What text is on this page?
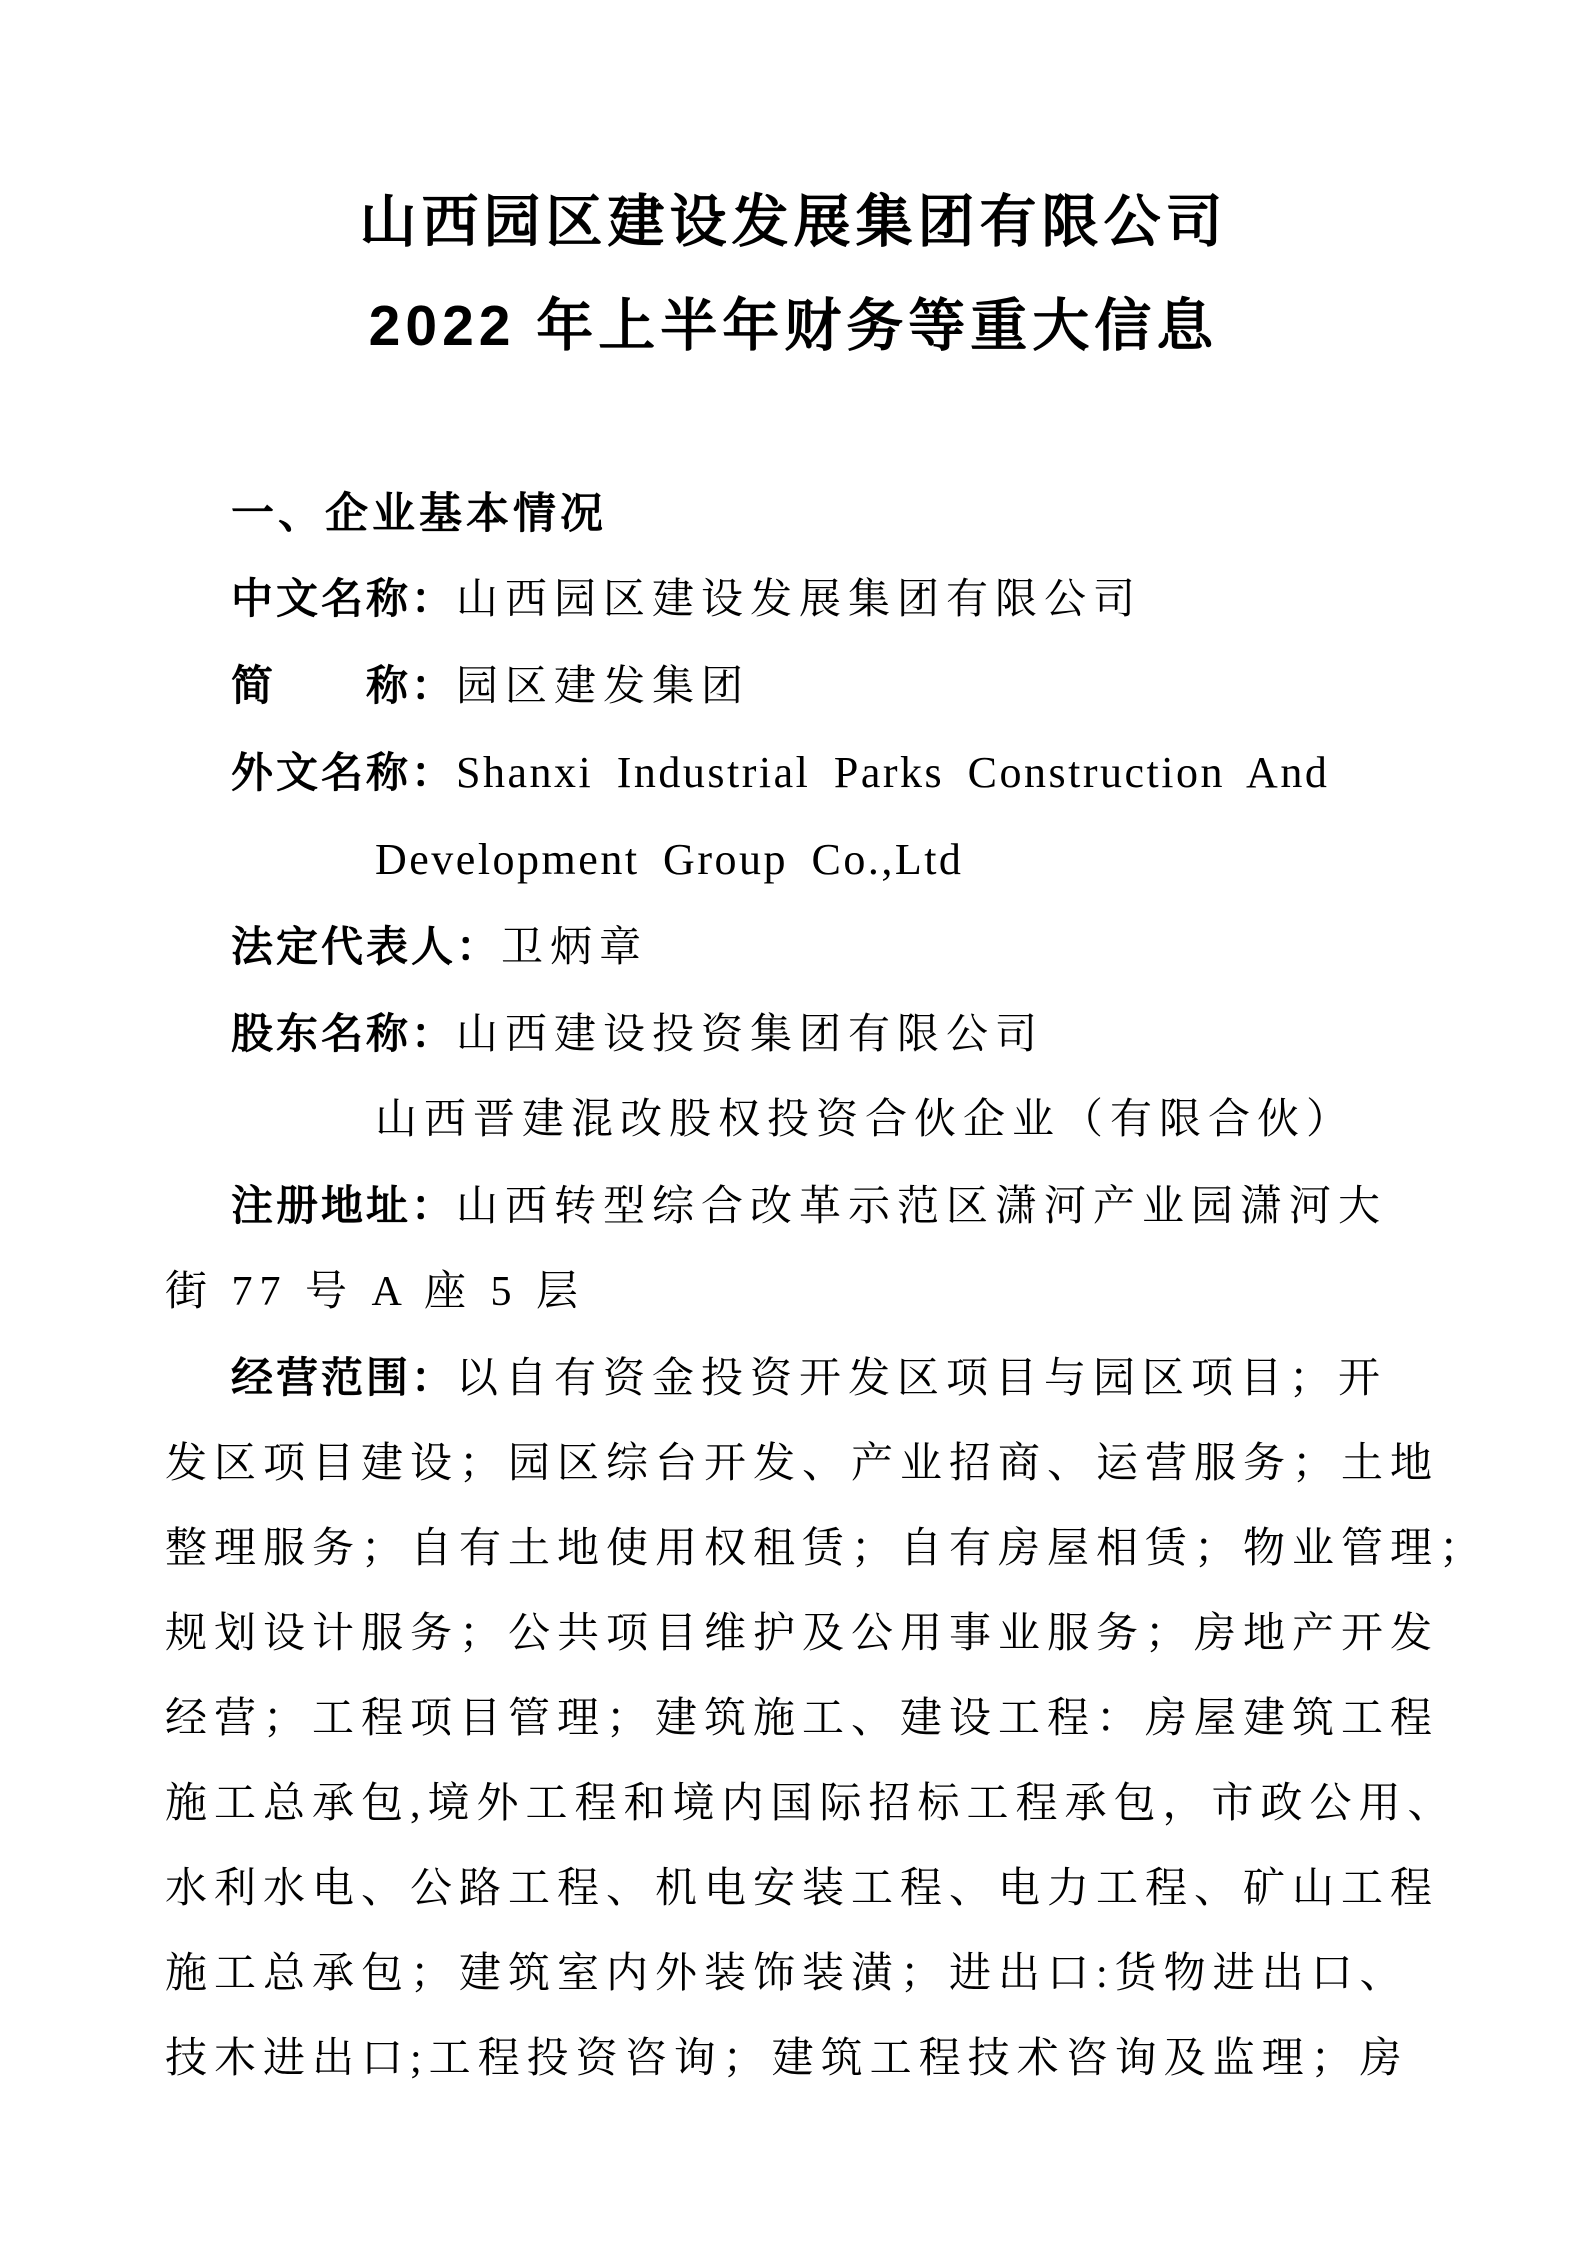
山西园区建设发展集团有限公司
2022 年上半年财务等重大信息
一、企业基本情况
中文名称：山西园区建设发展集团有限公司
简　　称：园区建发集团
外文名称：Shanxi Industrial Parks Construction And
Development Group Co.,Ltd
法定代表人：卫炳章
股东名称：山西建设投资集团有限公司
山西晋建混改股权投资合伙企业（有限合伙）
注册地址：山西转型综合改革示范区潇河产业园潇河大
街 77 号 A 座 5 层
经营范围：以自有资金投资开发区项目与园区项目；开
发区项目建设；园区综台开发、产业招商、运营服务；土地
整理服务；自有土地使用权租赁；自有房屋相赁；物业管理；
规划设计服务；公共项目维护及公用事业服务；房地产开发
经营；工程项目管理；建筑施工、建设工程：房屋建筑工程
施工总承包,境外工程和境内国际招标工程承包，市政公用、
水利水电、公路工程、机电安装工程、电力工程、矿山工程
施工总承包；建筑室内外装饰装潢；进出口:货物进出口、
技木进出口;工程投资咨询；建筑工程技术咨询及监理；房
